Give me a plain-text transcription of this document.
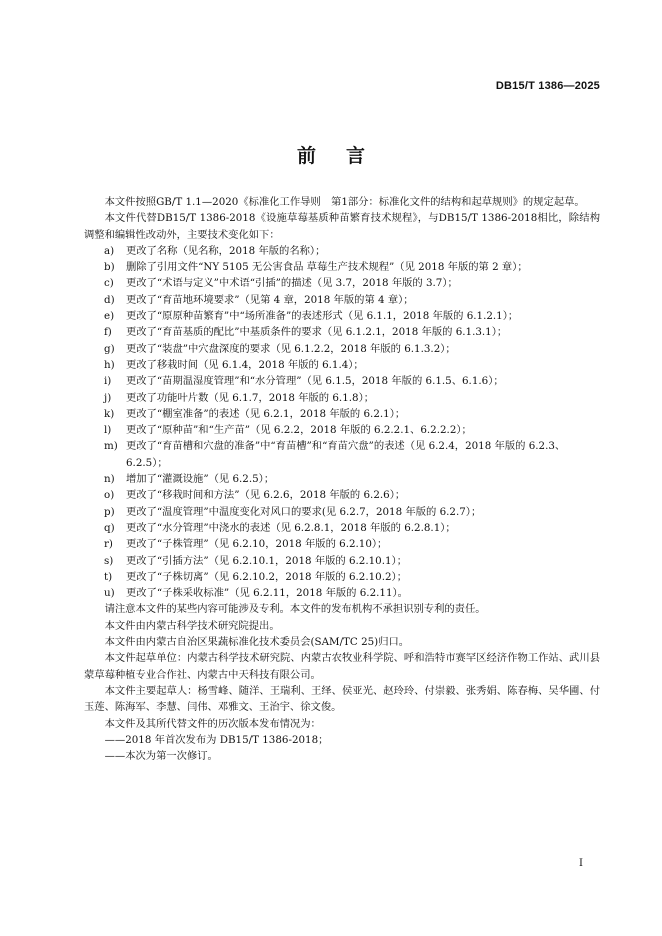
DB15/T 1386—2025
前言
本文件按照GB/T 1.1—2020《标准化工作导则　第1部分：标准化文件的结构和起草规则》的规定起草。
本文件代替DB15/T 1386-2018《设施草莓基质种苗繁育技术规程》，与DB15/T 1386-2018相比，除结构调整和编辑性改动外，主要技术变化如下：
a)	更改了名称（见名称，2018 年版的名称）；
b)	删除了引用文件“NY 5105 无公害食品 草莓生产技术规程”（见 2018 年版的第 2 章）；
c)	更改了“术语与定义”中术语“引插”的描述（见 3.7，2018 年版的 3.7）；
d)	更改了“育苗地环境要求”（见第 4 章，2018 年版的第 4 章）；
e)	更改了“原原种苗繁育”中“场所准备”的表述形式（见 6.1.1，2018 年版的 6.1.2.1）；
f)	更改了“育苗基质的配比”中基质条件的要求（见 6.1.2.1，2018 年版的 6.1.3.1）；
g)	更改了“装盘”中穴盘深度的要求（见 6.1.2.2，2018 年版的 6.1.3.2）；
h)	更改了移栽时间（见 6.1.4，2018 年版的 6.1.4）；
i)	更改了“苗期温湿度管理”和“水分管理”（见 6.1.5，2018 年版的 6.1.5、6.1.6）；
j)	更改了功能叶片数（见 6.1.7，2018 年版的 6.1.8）；
k)	更改了“棚室准备”的表述（见 6.2.1，2018 年版的 6.2.1）；
l)	更改了“原种苗”和“生产苗”（见 6.2.2，2018 年版的 6.2.2.1、6.2.2.2）；
m) 更改了“育苗槽和穴盘的准备”中“育苗槽”和“育苗穴盘”的表述（见 6.2.4，2018 年版的 6.2.3、6.2.5）；
n)	增加了“灌溉设施”（见 6.2.5）；
o)	更改了“移栽时间和方法”（见 6.2.6，2018 年版的 6.2.6）；
p)	更改了“温度管理”中温度变化对风口的要求(见 6.2.7，2018 年版的 6.2.7）；
q)	更改了“水分管理”中浇水的表述（见 6.2.8.1，2018 年版的 6.2.8.1）；
r)	更改了“子株管理”（见 6.2.10，2018 年版的 6.2.10）；
s)	更改了“引插方法”（见 6.2.10.1，2018 年版的 6.2.10.1）；
t)	更改了“子株切离”（见 6.2.10.2，2018 年版的 6.2.10.2）；
u)	更改了“子株采收标准”（见 6.2.11，2018 年版的 6.2.11）。
请注意本文件的某些内容可能涉及专利。本文件的发布机构不承担识别专利的责任。
本文件由内蒙古科学技术研究院提出。
本文件由内蒙古自治区果蔬标准化技术委员会(SAM/TC 25)归口。
本文件起草单位：内蒙古科学技术研究院、内蒙古农牧业科学院、呼和浩特市赛罕区经济作物工作站、武川县蒙草莓种植专业合作社、内蒙古中天科技有限公司。
本文件主要起草人：杨雪峰、随洋、王瑞利、王绎、侯亚光、赵玲玲、付崇毅、张秀娟、陈春梅、吴华圃、付玉莲、陈海军、李慧、闫伟、邓雅文、王治宇、徐文俊。
本文件及其所代替文件的历次版本发布情况为：
——2018 年首次发布为 DB15/T 1386-2018；
——本次为第一次修订。
I
